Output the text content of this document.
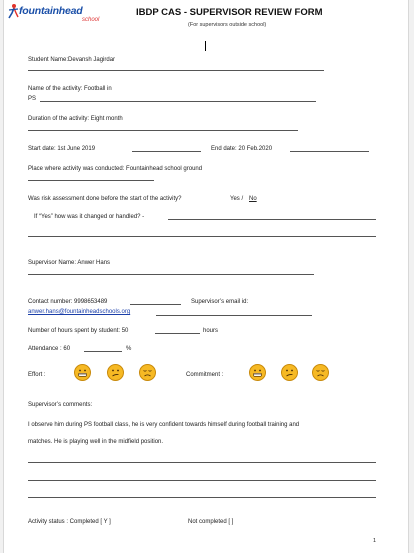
fountainhead
school
IBDP CAS - SUPERVISOR REVIEW FORM
(For supervisors outside school)
Student Name:Devansh Jagirdar
Name of the activity: Football in
PS
Duration of the activity: Eight month
Start date: 1st June 2019	End date: 20 Feb.2020
Place where activity was conducted: Fountainhead school ground
Was risk assessment done before the start of the activity?	Yes / No
If “Yes” how was it changed or handled? -
Supervisor Name: Anwer Hans
Contact number: 9998653489	Supervisor’s email id:
anwer.hans@fountainheadschools.org
Number of hours spent by student: 50	hours
Attendance : 60	%
Effort :	Commitment :
Supervisor’s comments:
I observe him during PS football class, he is very confident towards himself during football training and
matches. He is playing well in the midfield position.
Activity status : Completed [ Y ]	Not completed [ ]
1
